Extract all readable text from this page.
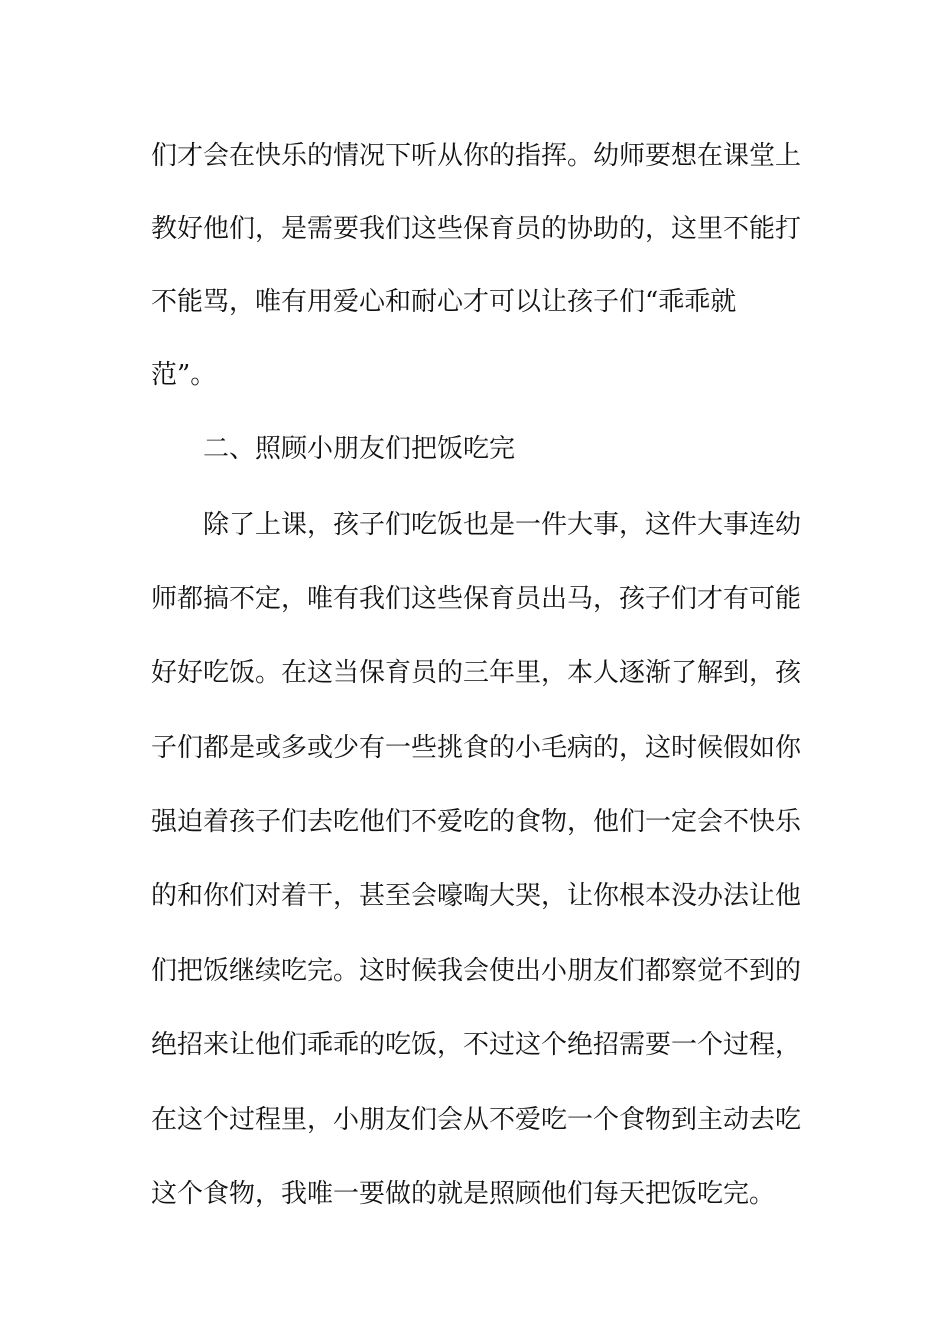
们才会在快乐的情况下听从你的指挥。幼师要想在课堂上
教好他们，是需要我们这些保育员的协助的，这里不能打
不能骂，唯有用爱心和耐心才可以让孩子们“乖乖就
范”。
二、照顾小朋友们把饭吃完
除了上课，孩子们吃饭也是一件大事，这件大事连幼
师都搞不定，唯有我们这些保育员出马，孩子们才有可能
好好吃饭。在这当保育员的三年里，本人逐渐了解到，孩
子们都是或多或少有一些挑食的小毛病的，这时候假如你
强迫着孩子们去吃他们不爱吃的食物，他们一定会不快乐
的和你们对着干，甚至会嚎啕大哭，让你根本没办法让他
们把饭继续吃完。这时候我会使出小朋友们都察觉不到的
绝招来让他们乖乖的吃饭，不过这个绝招需要一个过程，
在这个过程里，小朋友们会从不爱吃一个食物到主动去吃
这个食物，我唯一要做的就是照顾他们每天把饭吃完。
